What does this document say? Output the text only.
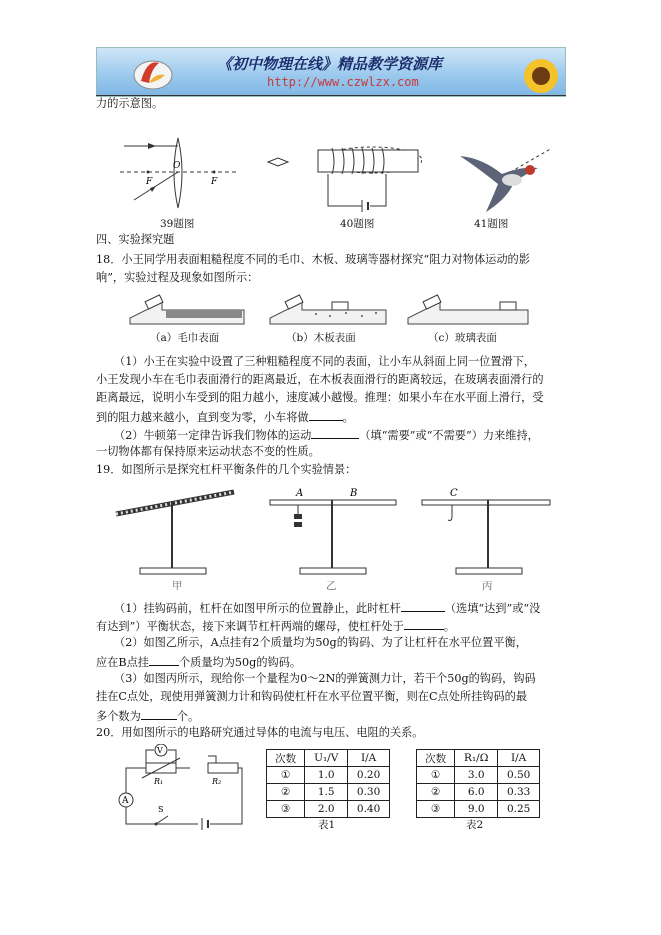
《初中物理在线》精品教学资源库
http://www.czwlzx.com
力的示意图。
O
F	F
39题图	40题图	41题图
四、实验探究题
18．小王同学用表面粗糙程度不同的毛巾、木板、玻璃等器材探究“阻力对物体运动的影
响”，实验过程及现象如图所示：
（a）毛巾表面	（b）木板表面	（c）玻璃表面
（1）小王在实验中设置了三种粗糙程度不同的表面，让小车从斜面上同一位置滑下，
小王发现小车在毛巾表面滑行的距离最近，在木板表面滑行的距离较远，在玻璃表面滑行的
距离最远，说明小车受到的阻力越小，速度减小越慢。推理：如果小车在水平面上滑行，受
到的阻力越来越小，直到变为零，小车将做	。
（2）牛顿第一定律告诉我们物体的运动	（填“需要”或“不需要”）力来维持，
一切物体都有保持原来运动状态不变的性质。
19．如图所示是探究杠杆平衡条件的几个实验情景：
A	B	C
甲	乙	丙
（1）挂钩码前，杠杆在如图甲所示的位置静止，此时杠杆	（选填“达到”或“没
有达到”）平衡状态，接下来调节杠杆两端的螺母，使杠杆处于	。
（2）如图乙所示，A点挂有2个质量均为50g的钩码、为了让杠杆在水平位置平衡，
应在B点挂	个质量均为50g的钩码。
（3）如图丙所示，现给你一个量程为0～2N的弹簧测力计，若干个50g的钩码，钩码
挂在C点处，现使用弹簧测力计和钩码使杠杆在水平位置平衡，则在C点处所挂钩码的最
多个数为	个。
20．用如图所示的电路研究通过导体的电流与电压、电阻的关系。
V
A
R₁	R₂
S
次数	U₁/V	I/A
①	1.0	0.20
②	1.5	0.30
③	2.0	0.40
表1
次数	R₁/Ω	I/A
①	3.0	0.50
②	6.0	0.33
③	9.0	0.25
表2
